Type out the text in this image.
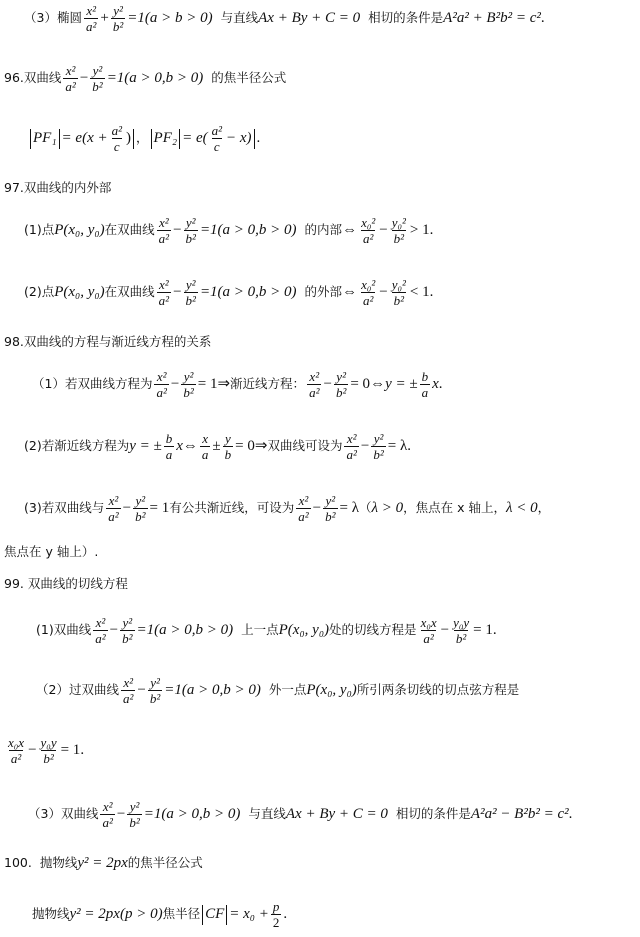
（3） 椭圆 $\frac{\text{x²}}{\text{a²}} + \frac{\text{y²}}{\text{b²}} =1(a > b > 0)$ 与直线 Ax + By + C = 0 相切的条件是 A²a² + B²b² = c² .
96. 双曲线 $\frac{\text{x²}}{\text{a²}} - \frac{\text{y²}}{\text{b²}} =1(a > 0,b > 0)$ 的焦半径公式
$PF_1 = e(x + \frac{\text{a²}}{c}$ ) ， $PF_2 = e( \frac{\text{a²}}{c} - x)$ .
97.双曲线的内外部
(1) 点 P(x₀, y₀) 在双曲线 $\frac{\text{x²}}{\text{a²}} - \frac{\text{y²}}{\text{b²}} =1(a > 0,b > 0)$ 的内部 ⇔ $\frac{\text{x₀²}}{\text{a²}} - \frac{\text{y₀²}}{\text{b²}} > 1$ .
(2) 点 P(x₀, y₀) 在双曲线 $\frac{\text{x²}}{\text{a²}} - \frac{\text{y²}}{\text{b²}} =1(a > 0,b > 0)$ 的外部 ⇔ $\frac{\text{x₀²}}{\text{a²}} - \frac{\text{y₀²}}{\text{b²}} < 1$ .
98.双曲线的方程与渐近线方程的关系
（1） 若双曲线方程为 $\frac{\text{x²}}{\text{a²}} - \frac{\text{y²}}{\text{b²}} = 1$ ⇒ 渐近线方程： $\frac{\text{x²}}{\text{a²}} - \frac{\text{y²}}{\text{b²}} = 0$ ⇔ y = ± $\frac{b}{a}$ x .
(2) 若渐近线方程为 y = ± $\frac{b}{a}$ x ⇔ $\frac{x}{a} \pm \frac{y}{b} = 0$ ⇒ 双曲线可设为 $\frac{\text{x²}}{\text{a²}} - \frac{\text{y²}}{\text{b²}} = \lambda$ .
(3) 若双曲线与 $\frac{\text{x²}}{\text{a²}} - \frac{\text{y²}}{\text{b²}} = 1$ 有公共渐近线，可设为 $\frac{\text{x²}}{\text{a²}} - \frac{\text{y²}}{\text{b²}} = \lambda$ （ λ > 0 ，焦点在 x 轴上， λ < 0 ，
焦点在 y 轴上）.
99. 双曲线的切线方程
(1) 双曲线 $\frac{\text{x²}}{\text{a²}} - \frac{\text{y²}}{\text{b²}} =1(a > 0,b > 0)$ 上一点 P(x₀, y₀) 处的切线方程是 $\frac{\text{x₀x}}{\text{a²}} - \frac{\text{y₀y}}{\text{b²}} = 1$ .
（2） 过双曲线 $\frac{\text{x²}}{\text{a²}} - \frac{\text{y²}}{\text{b²}} =1(a > 0,b > 0)$ 外一点 P(x₀, y₀) 所引两条切线的切点弦方程是
$\frac{\text{x₀x}}{\text{a²}} - \frac{\text{y₀y}}{\text{b²}} = 1$ .
（3） 双曲线 $\frac{\text{x²}}{\text{a²}} - \frac{\text{y²}}{\text{b²}} =1(a > 0,b > 0)$ 与直线 Ax + By + C = 0 相切的条件是 A²a² − B²b² = c² .
100. 抛物线 y² = 2px 的焦半径公式
抛物线 y² = 2px(p > 0) 焦半径 CF = $x_0 + \frac{p}{2}$ .
